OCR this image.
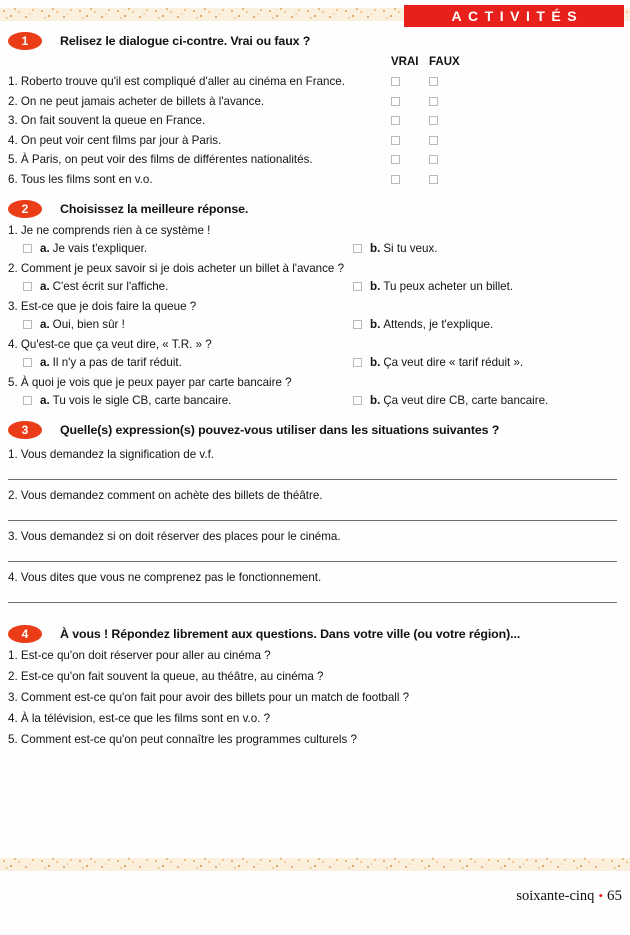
ACTIVITÉS
1	Relisez le dialogue ci-contre. Vrai ou faux ?
VRAI FAUX
1. Roberto trouve qu'il est compliqué d'aller au cinéma en France.
2. On ne peut jamais acheter de billets à l'avance.
3. On fait souvent la queue en France.
4. On peut voir cent films par jour à Paris.
5. À Paris, on peut voir des films de différentes nationalités.
6. Tous les films sont en v.o.
2	Choisissez la meilleure réponse.
1. Je ne comprends rien à ce système !
a. Je vais t'expliquer.	b. Si tu veux.
2. Comment je peux savoir si je dois acheter un billet à l'avance ?
a. C'est écrit sur l'affiche.	b. Tu peux acheter un billet.
3. Est-ce que je dois faire la queue ?
a. Oui, bien sûr !	b. Attends, je t'explique.
4. Qu'est-ce que ça veut dire, « T.R. » ?
a. Il n'y a pas de tarif réduit.	b. Ça veut dire « tarif réduit ».
5. À quoi je vois que je peux payer par carte bancaire ?
a. Tu vois le sigle CB, carte bancaire.	b. Ça veut dire CB, carte bancaire.
3	Quelle(s) expression(s) pouvez-vous utiliser dans les situations suivantes ?
1. Vous demandez la signification de v.f.
2. Vous demandez comment on achète des billets de théâtre.
3. Vous demandez si on doit réserver des places pour le cinéma.
4. Vous dites que vous ne comprenez pas le fonctionnement.
4	À vous ! Répondez librement aux questions. Dans votre ville (ou votre région)...
1. Est-ce qu'on doit réserver pour aller au cinéma ?
2. Est-ce qu'on fait souvent la queue, au théâtre, au cinéma ?
3. Comment est-ce qu'on fait pour avoir des billets pour un match de football ?
4. À la télévision, est-ce que les films sont en v.o. ?
5. Comment est-ce qu'on peut connaître les programmes culturels ?
soixante-cinq • 65
